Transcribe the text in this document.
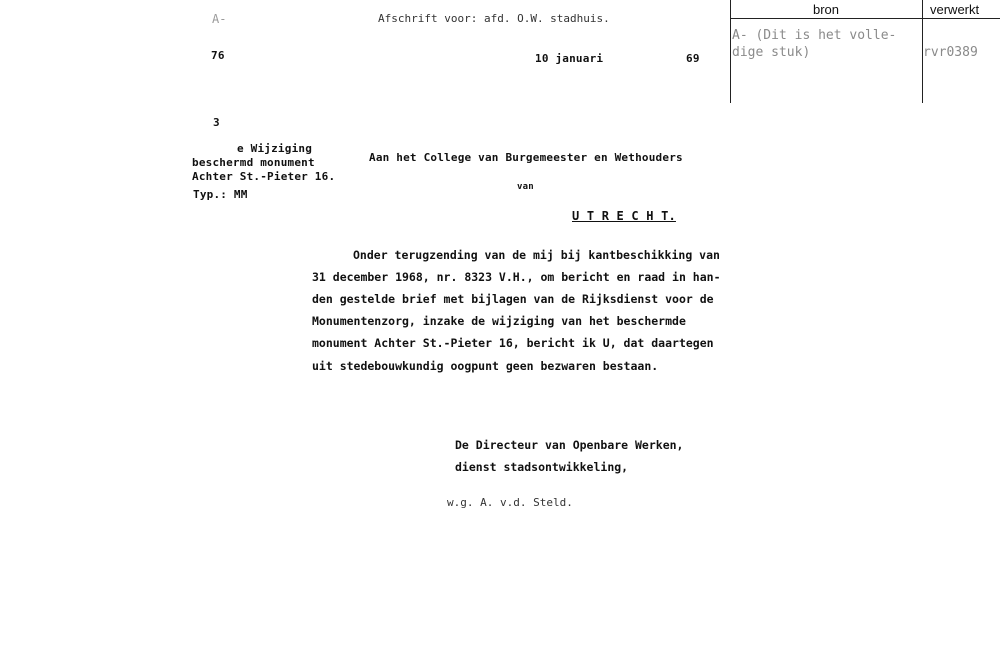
A-	Afschrift voor: afd. O.W. stadhuis.
76	10 januari	69
3
bron	verwerkt
A- (Dit is het volle-
dige stuk)	rvr0389
e Wijziging
beschermd monument
Achter St.-Pieter 16.
Typ.: MM
Aan het College van Burgemeester en Wethouders
van
U T R E C H T.
Onder terugzending van de mij bij kantbeschikking van
31 december 1968, nr. 8323 V.H., om bericht en raad in han-
den gestelde brief met bijlagen van de Rijksdienst voor de
Monumentenzorg, inzake de wijziging van het beschermde
monument Achter St.-Pieter 16, bericht ik U, dat daartegen
uit stedebouwkundig oogpunt geen bezwaren bestaan.
De Directeur van Openbare Werken,
dienst stadsontwikkeling,
w.g. A. v.d. Steld.
